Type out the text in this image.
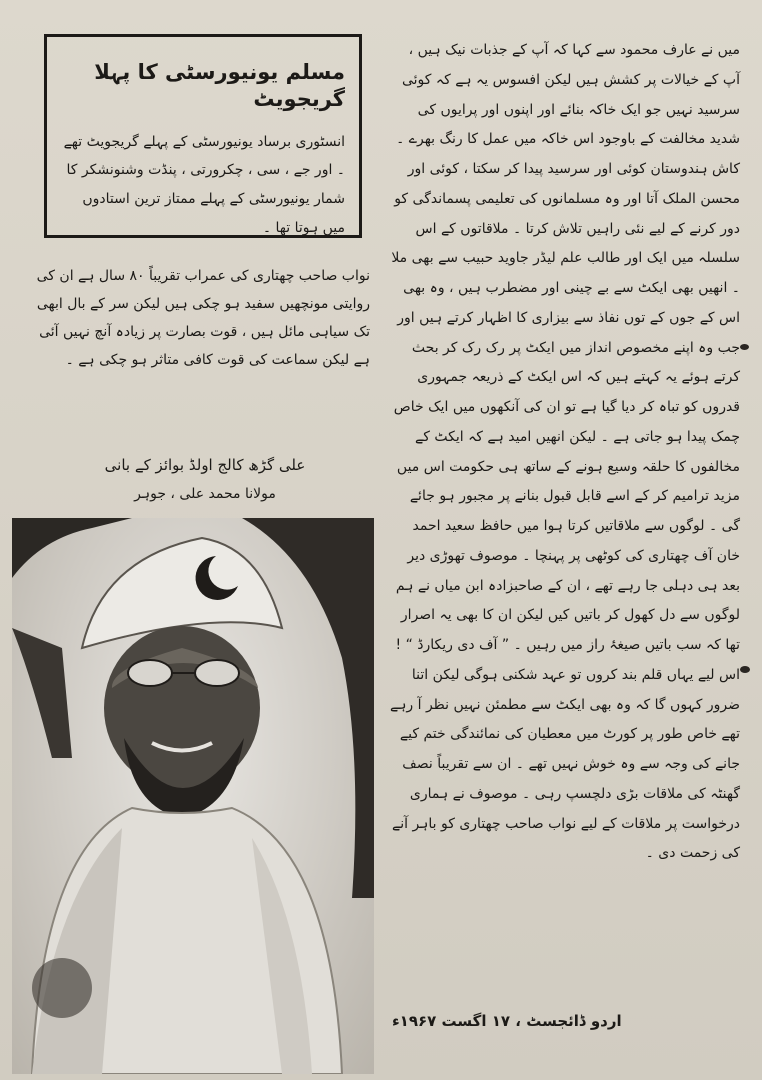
مسلم یونیورسٹی کا پہلا گریجویٹ
انسٹوری برساد یونیورسٹی کے پہلے گریجویٹ تھے ۔ اور جے ، سی ، چکرورتی ، پنڈت وشنونشکر کا شمار یونیورسٹی کے پہلے ممتاز ترین استادوں میں ہوتا تھا ۔
نواب صاحب چھتاری کی عمراب تقریباً ۸۰ سال ہے ان کی روایتی مونچھیں سفید ہو چکی ہیں لیکن سر کے بال ابھی تک سیاہی مائل ہیں ، قوت بصارت پر زیادہ آنچ نہیں آئی ہے لیکن سماعت کی قوت کافی متاثر ہو چکی ہے ۔
علی گڑھ کالج اولڈ بوائز کے بانی
مولانا محمد علی ، جوہر

میں نے عارف محمود سے کہا کہ آپ کے جذبات نیک ہیں ، آپ کے خیالات پر کشش ہیں لیکن افسوس یہ ہے کہ کوئی سرسید نہیں جو ایک خاکہ بنائے اور اپنوں اور پرایوں کی شدید مخالفت کے باوجود اس خاکہ میں عمل کا رنگ بھرے ۔ کاش ہندوستان کوئی اور سرسید پیدا کر سکتا ، کوئی اور محسن الملک آتا اور وہ مسلمانوں کی تعلیمی پسماندگی کو دور کرنے کے لیے نئی راہیں تلاش کرتا ۔ ملاقاتوں کے اس سلسلہ میں ایک اور طالب علم لیڈر جاوید حبیب سے بھی ملا ۔ انھیں بھی ایکٹ سے بے چینی اور مضطرب ہیں ، وہ بھی اس کے جوں کے توں نفاذ سے بیزاری کا اظہار کرتے ہیں اور جب وہ اپنے مخصوص انداز میں ایکٹ پر رک رک کر بحث کرتے ہوئے یہ کہتے ہیں کہ اس ایکٹ کے ذریعہ جمہوری قدروں کو تباہ کر دیا گیا ہے تو ان کی آنکھوں میں ایک خاص چمک پیدا ہو جاتی ہے ۔ لیکن انھیں امید ہے کہ ایکٹ کے مخالفوں کا حلقہ وسیع ہونے کے ساتھ ہی حکومت اس میں مزید ترامیم کر کے اسے قابل قبول بنانے پر مجبور ہو جائے گی ۔ لوگوں سے ملاقاتیں کرتا ہوا میں حافظ سعید احمد خان آف چھتاری کی کوٹھی پر پہنچا ۔ موصوف تھوڑی دیر بعد ہی دہلی جا رہے تھے ، ان کے صاحبزادہ ابن میاں نے ہم لوگوں سے دل کھول کر باتیں کیں لیکن ان کا بھی یہ اصرار تھا کہ سب باتیں صیغۂ راز میں رہیں ۔ ” آف دی ریکارڈ “ ! اس لیے یہاں قلم بند کروں تو عہد شکنی ہوگی لیکن اتنا ضرور کہوں گا کہ وہ بھی ایکٹ سے مطمئن نہیں نظر آ رہے تھے خاص طور پر کورٹ میں معطیان کی نمائندگی ختم کیے جانے کی وجہ سے وہ خوش نہیں تھے ۔ ان سے تقریباً نصف گھنٹہ کی ملاقات بڑی دلچسپ رہی ۔ موصوف نے ہماری درخواست پر ملاقات کے لیے نواب صاحب چھتاری کو باہر آنے کی زحمت دی ۔

اردو ڈائجسٹ ، ۱۷ اگست ۱۹۶۷ء
